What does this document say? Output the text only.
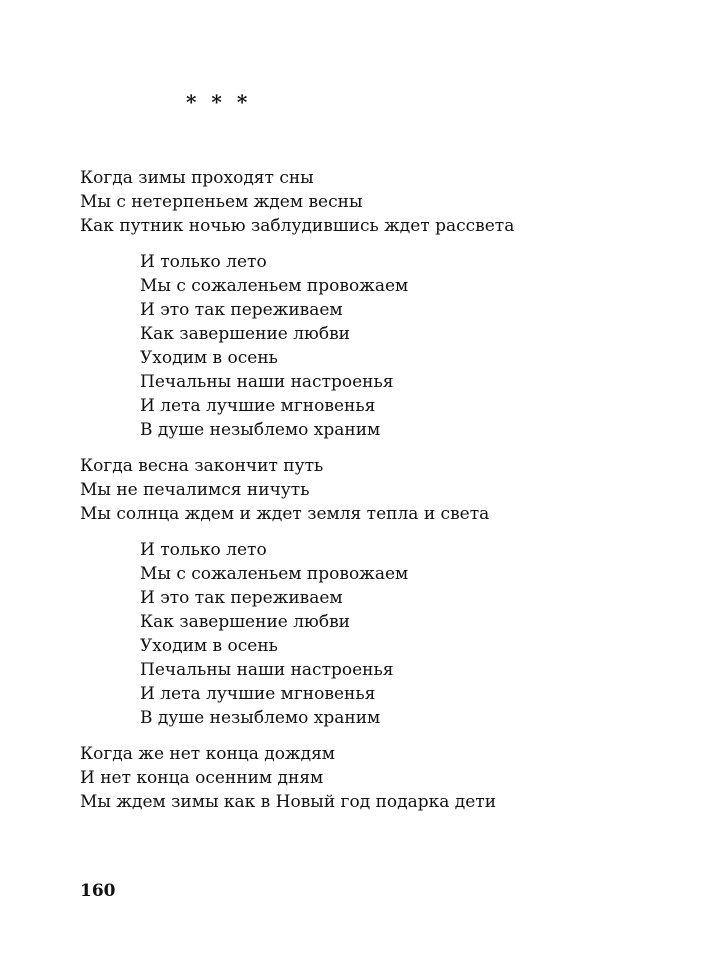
* * *
Когда зимы проходят сны
Мы с нетерпеньем ждем весны
Как путник ночью заблудившись ждет рассвета
И только лето
Мы с сожаленьем провожаем
И это так переживаем
Как завершение любви
Уходим в осень
Печальны наши настроенья
И лета лучшие мгновенья
В душе незыблемо храним
Когда весна закончит путь
Мы не печалимся ничуть
Мы солнца ждем и ждет земля тепла и света
И только лето
Мы с сожаленьем провожаем
И это так переживаем
Как завершение любви
Уходим в осень
Печальны наши настроенья
И лета лучшие мгновенья
В душе незыблемо храним
Когда же нет конца дождям
И нет конца осенним дням
Мы ждем зимы как в Новый год подарка дети
160
